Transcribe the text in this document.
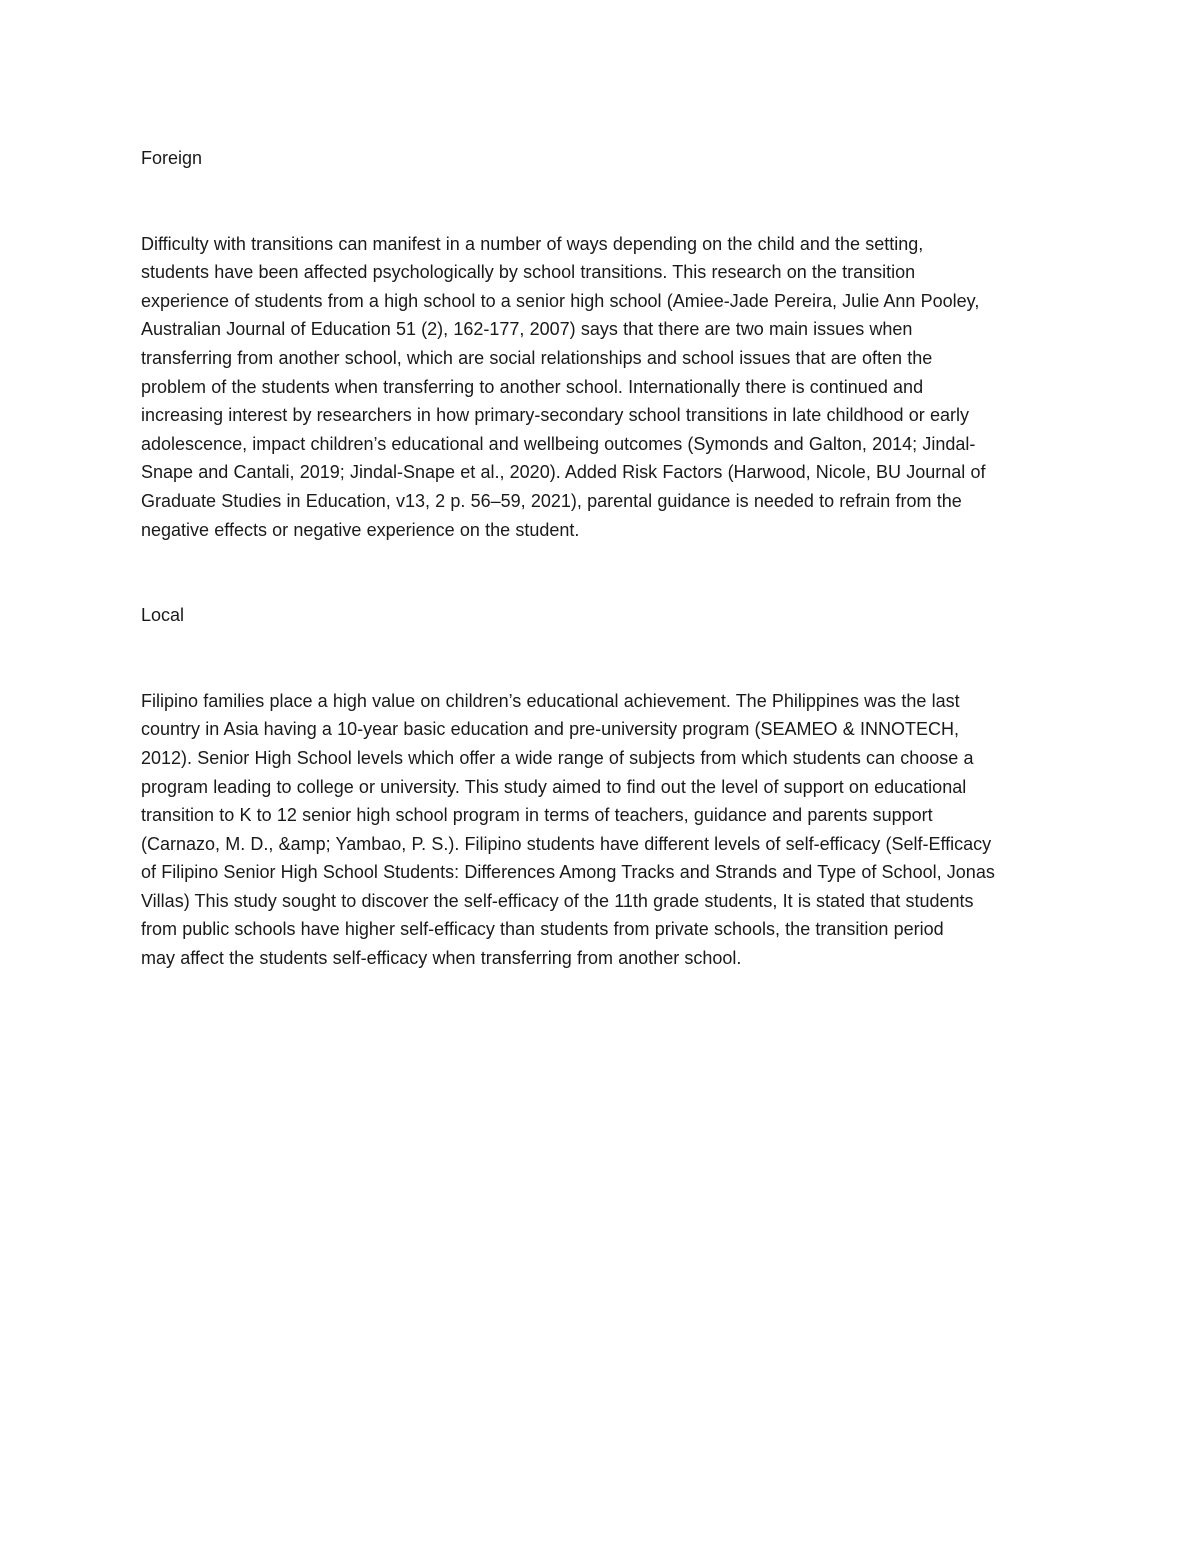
Foreign

Difficulty with transitions can manifest in a number of ways depending on the child and the setting,
students have been affected psychologically by school transitions. This research on the transition
experience of students from a high school to a senior high school (Amiee-Jade Pereira, Julie Ann Pooley,
Australian Journal of Education 51 (2), 162-177, 2007) says that there are two main issues when
transferring from another school, which are social relationships and school issues that are often the
problem of the students when transferring to another school. Internationally there is continued and
increasing interest by researchers in how primary-secondary school transitions in late childhood or early
adolescence, impact children’s educational and wellbeing outcomes (Symonds and Galton, 2014; Jindal-
Snape and Cantali, 2019; Jindal-Snape et al., 2020). Added Risk Factors (Harwood, Nicole, BU Journal of
Graduate Studies in Education, v13, 2 p. 56–59, 2021), parental guidance is needed to refrain from the
negative effects or negative experience on the student.

Local

Filipino families place a high value on children’s educational achievement. The Philippines was the last
country in Asia having a 10-year basic education and pre-university program (SEAMEO & INNOTECH,
2012). Senior High School levels which offer a wide range of subjects from which students can choose a
program leading to college or university. This study aimed to find out the level of support on educational
transition to K to 12 senior high school program in terms of teachers, guidance and parents support
(Carnazo, M. D., &amp; Yambao, P. S.). Filipino students have different levels of self-efficacy (Self-Efficacy
of Filipino Senior High School Students: Differences Among Tracks and Strands and Type of School, Jonas
Villas) This study sought to discover the self-efficacy of the 11th grade students, It is stated that students
from public schools have higher self-efficacy than students from private schools, the transition period
may affect the students self-efficacy when transferring from another school.
